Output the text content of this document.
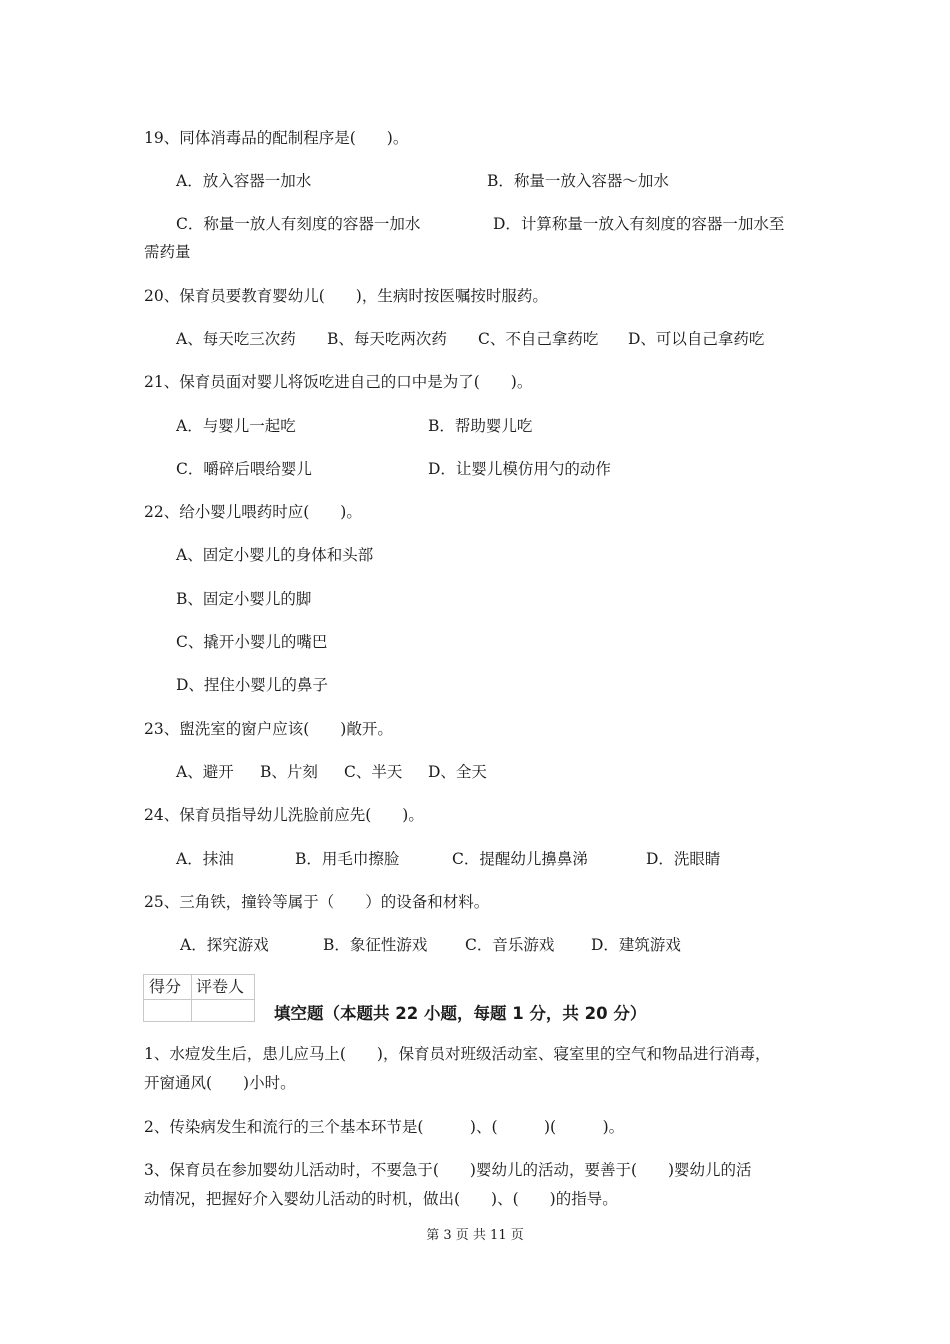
19、同体消毒品的配制程序是(　　)。
A．放入容器一加水	B．称量一放入容器～加水
C．称量一放人有刻度的容器一加水	D．计算称量一放入有刻度的容器一加水至
需药量
20、保育员要教育婴幼儿(　　)，生病时按医嘱按时服药。
A、每天吃三次药 B、每天吃两次药 C、不自己拿药吃 D、可以自己拿药吃
21、保育员面对婴儿将饭吃进自己的口中是为了(　　)。
A．与婴儿一起吃	B．帮助婴儿吃
C．嚼碎后喂给婴儿	D．让婴儿模仿用勺的动作
22、给小婴儿喂药时应(　　)。
A、固定小婴儿的身体和头部
B、固定小婴儿的脚
C、撬开小婴儿的嘴巴
D、捏住小婴儿的鼻子
23、盥洗室的窗户应该(　　)敞开。
A、避开 B、片刻 C、半天 D、全天
24、保育员指导幼儿洗脸前应先(　　)。
A．抹油	B．用毛巾擦脸	C．提醒幼儿擤鼻涕	D．洗眼睛
25、三角铁，撞铃等属于（　　）的设备和材料。
A．探究游戏	B．象征性游戏 C．音乐游戏 D．建筑游戏
得分 评卷人
填空题（本题共 22 小题，每题 1 分，共 20 分）
1、水痘发生后，患儿应马上(　　)，保育员对班级活动室、寝室里的空气和物品进行消毒，
开窗通风(　　)小时。
2、传染病发生和流行的三个基本环节是(　　　)、(　　　)(　　　)。
3、保育员在参加婴幼儿活动时，不要急于(　　)婴幼儿的活动，要善于(　　)婴幼儿的活
动情况，把握好介入婴幼儿活动的时机，做出(　　)、(　　)的指导。
第 3 页 共 11 页
